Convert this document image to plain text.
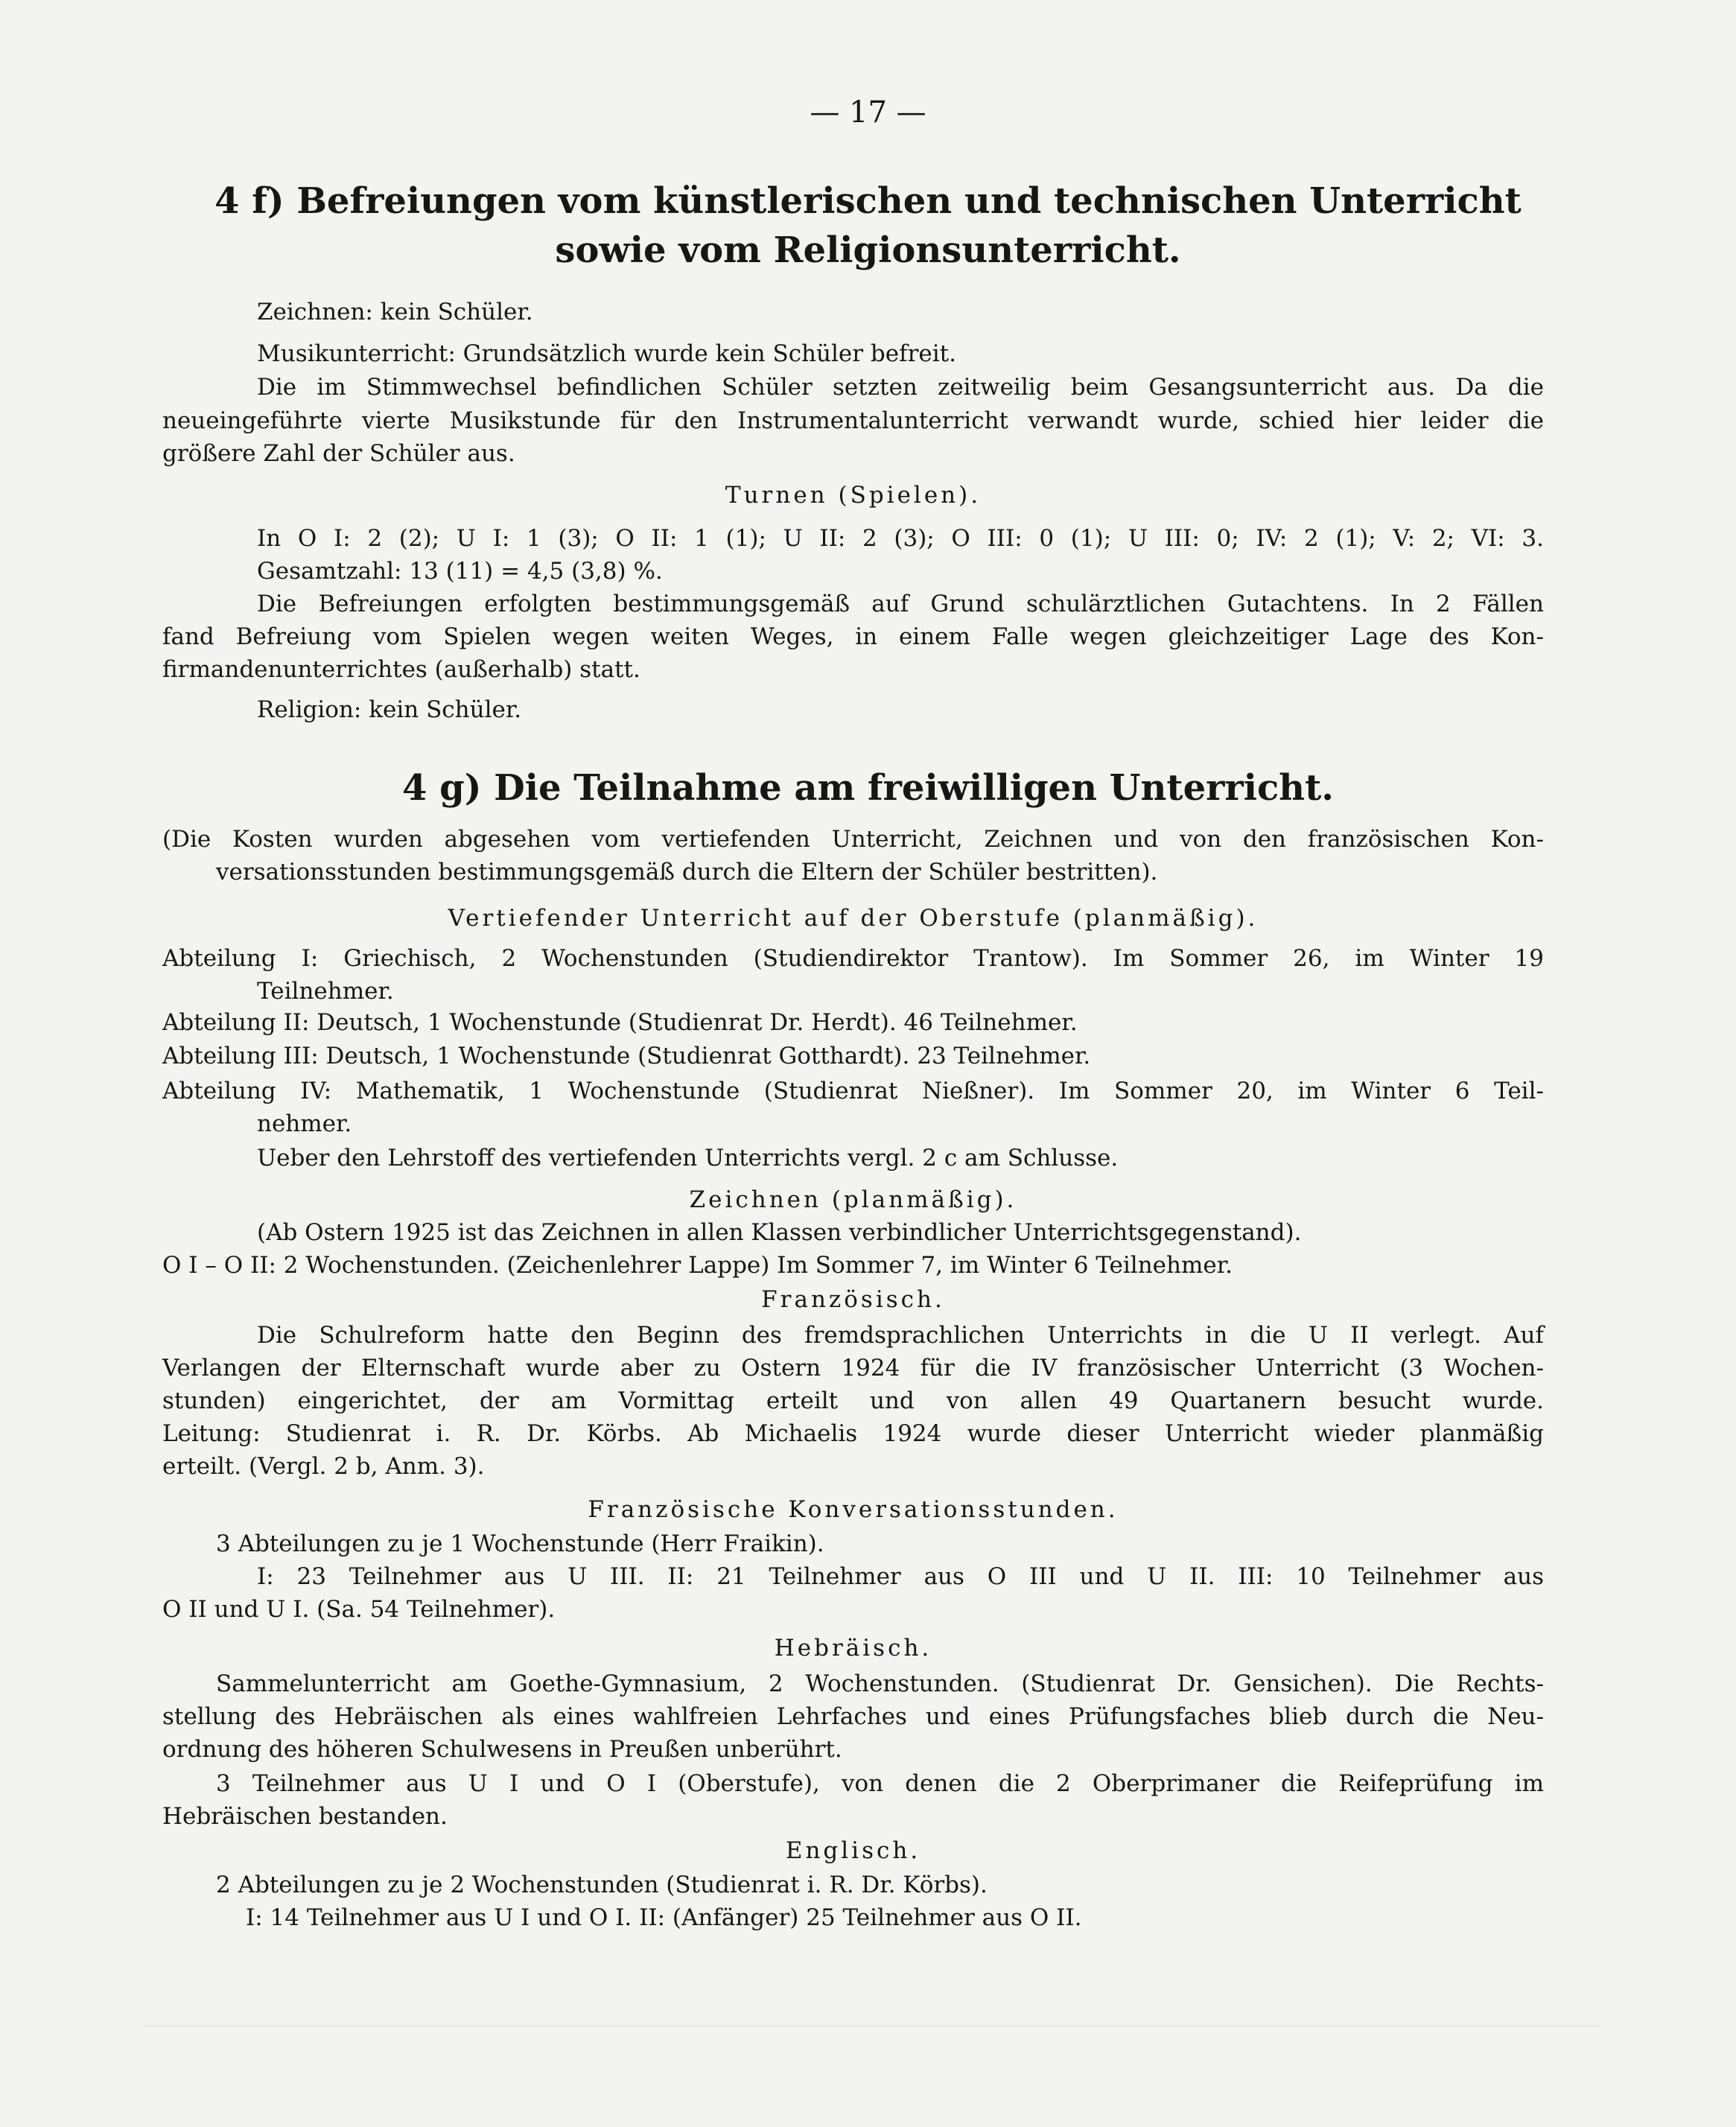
— 17 —
4 f) Befreiungen vom künstlerischen und technischen Unterricht
sowie vom Religionsunterricht.
Zeichnen: kein Schüler.
Musikunterricht: Grundsätzlich wurde kein Schüler befreit.
Die im Stimmwechsel befindlichen Schüler setzten zeitweilig beim Gesangsunterricht aus. Da die
neueingeführte vierte Musikstunde für den Instrumentalunterricht verwandt wurde, schied hier leider die
größere Zahl der Schüler aus.
Turnen (Spielen).
In O I: 2 (2); U I: 1 (3); O II: 1 (1); U II: 2 (3); O III: 0 (1); U III: 0; IV: 2 (1); V: 2; VI: 3.
Gesamtzahl: 13 (11) = 4,5 (3,8) %.
Die Befreiungen erfolgten bestimmungsgemäß auf Grund schulärztlichen Gutachtens. In 2 Fällen
fand Befreiung vom Spielen wegen weiten Weges, in einem Falle wegen gleichzeitiger Lage des Kon-
firmandenunterrichtes (außerhalb) statt.
Religion: kein Schüler.
4 g) Die Teilnahme am freiwilligen Unterricht.
(Die Kosten wurden abgesehen vom vertiefenden Unterricht, Zeichnen und von den französischen Kon-
versationsstunden bestimmungsgemäß durch die Eltern der Schüler bestritten).
Vertiefender Unterricht auf der Oberstufe (planmäßig).
Abteilung I: Griechisch, 2 Wochenstunden (Studiendirektor Trantow). Im Sommer 26, im Winter 19
Teilnehmer.
Abteilung II: Deutsch, 1 Wochenstunde (Studienrat Dr. Herdt). 46 Teilnehmer.
Abteilung III: Deutsch, 1 Wochenstunde (Studienrat Gotthardt). 23 Teilnehmer.
Abteilung IV: Mathematik, 1 Wochenstunde (Studienrat Nießner). Im Sommer 20, im Winter 6 Teil-
nehmer.
Ueber den Lehrstoff des vertiefenden Unterrichts vergl. 2 c am Schlusse.
Zeichnen (planmäßig).
(Ab Ostern 1925 ist das Zeichnen in allen Klassen verbindlicher Unterrichtsgegenstand).
O I – O II: 2 Wochenstunden. (Zeichenlehrer Lappe) Im Sommer 7, im Winter 6 Teilnehmer.
Französisch.
Die Schulreform hatte den Beginn des fremdsprachlichen Unterrichts in die U II verlegt. Auf
Verlangen der Elternschaft wurde aber zu Ostern 1924 für die IV französischer Unterricht (3 Wochen-
stunden) eingerichtet, der am Vormittag erteilt und von allen 49 Quartanern besucht wurde.
Leitung: Studienrat i. R. Dr. Körbs. Ab Michaelis 1924 wurde dieser Unterricht wieder planmäßig
erteilt. (Vergl. 2 b, Anm. 3).
Französische Konversationsstunden.
3 Abteilungen zu je 1 Wochenstunde (Herr Fraikin).
I: 23 Teilnehmer aus U III. II: 21 Teilnehmer aus O III und U II. III: 10 Teilnehmer aus
O II und U I. (Sa. 54 Teilnehmer).
Hebräisch.
Sammelunterricht am Goethe-Gymnasium, 2 Wochenstunden. (Studienrat Dr. Gensichen). Die Rechts-
stellung des Hebräischen als eines wahlfreien Lehrfaches und eines Prüfungsfaches blieb durch die Neu-
ordnung des höheren Schulwesens in Preußen unberührt.
3 Teilnehmer aus U I und O I (Oberstufe), von denen die 2 Oberprimaner die Reifeprüfung im
Hebräischen bestanden.
Englisch.
2 Abteilungen zu je 2 Wochenstunden (Studienrat i. R. Dr. Körbs).
I: 14 Teilnehmer aus U I und O I. II: (Anfänger) 25 Teilnehmer aus O II.
